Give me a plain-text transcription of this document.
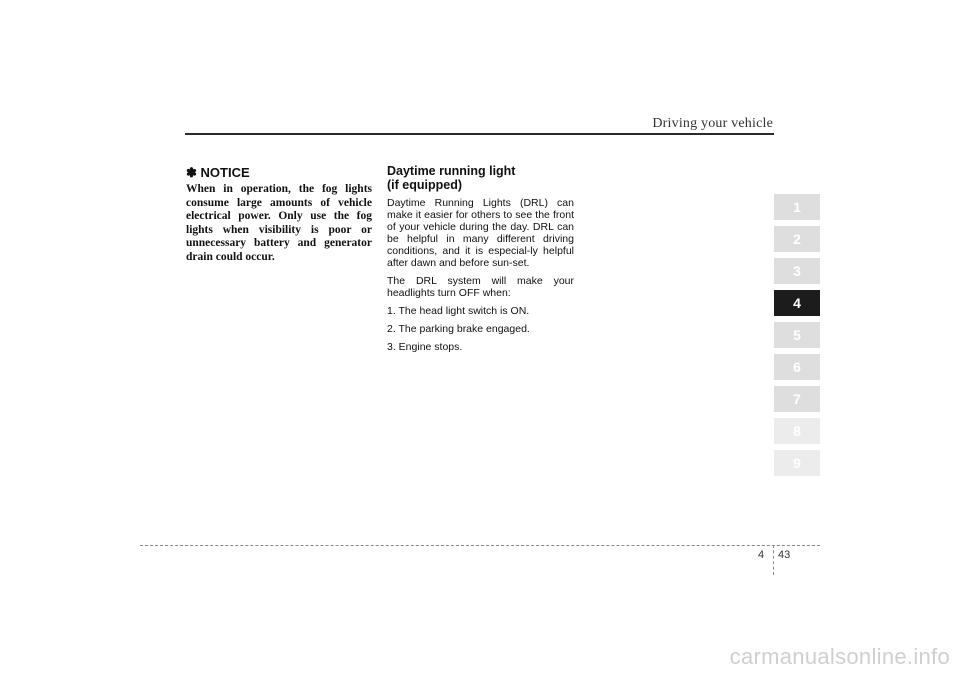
Driving your vehicle

✽ NOTICE

When in operation, the fog lights consume large amounts of vehicle electrical power. Only use the fog lights when visibility is poor or unnecessary battery and generator drain could occur.

Daytime running light
(if equipped)

Daytime Running Lights (DRL) can make it easier for others to see the front of your vehicle during the day. DRL can be helpful in many different driving conditions, and it is especial-ly helpful after dawn and before sun-set.

The DRL system will make your headlights turn OFF when:

1. The head light switch is ON.

2. The parking brake engaged.

3. Engine stops.

1
2
3
4
5
6
7
8
9
4 43
carmanualsonline.info
